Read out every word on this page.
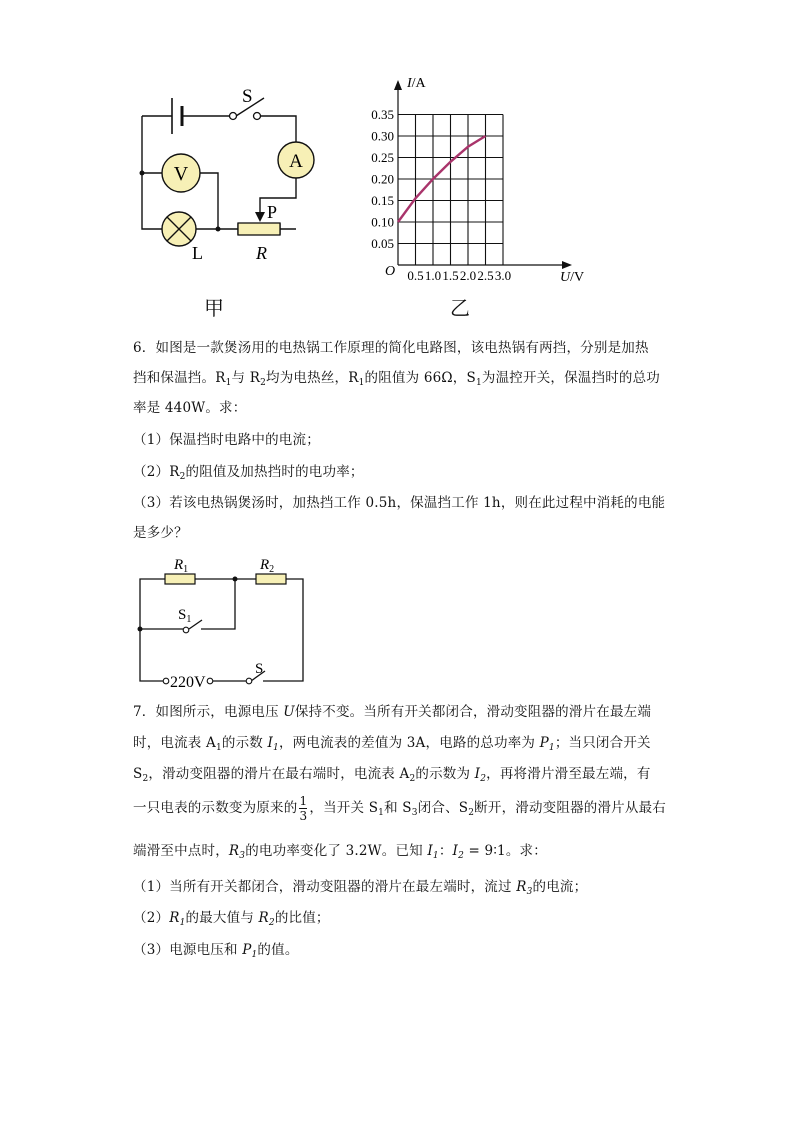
V
A
S
L
P
R
甲
0.5 1.0 1.5 2.0 2.5 3.0
0.05
0.10
0.15
0.20
0.25
0.30
0.35
I/A
U/V
O
乙
6．如图是一款煲汤用的电热锅工作原理的简化电路图，该电热锅有两挡，分别是加热
挡和保温挡。$R_1$与 $R_2$均为电热丝，$R_1$的阻值为 66Ω，$S_1$为温控开关，保温挡时的总功
率是 440W。求：
（1）保温挡时电路中的电流；
$(2)R_2$的阻值及加热挡时的电功率；
（3）若该电热锅煲汤时，加热挡工作 0.5h，保温挡工作 1h，则在此过程中消耗的电能
是多少？
$R_1$	$R_2$
$S_1$
220V
S
7．如图所示，电源电压 U保持不变。当所有开关都闭合，滑动变阻器的滑片在最左端
时，电流表 $A_1$的示数 $I_1$，两电流表的差值为 3A，电路的总功率为 $P_1$；当只闭合开关
$S_2$，滑动变阻器的滑片在最右端时，电流表 $A_2$的示数为 $I_2$，再将滑片滑至最左端，有
一只电表的示数变为原来的 $\frac{1}{3}$ ，当开关 $S_1$和 $S_3$闭合、$S_2$断开，滑动变阻器的滑片从最右
端滑至中点时，$R_3$的电功率变化了 3.2W。已知 $I_1$：$I_2$ = 9∶1。求：
（1）当所有开关都闭合，滑动变阻器的滑片在最左端时，流过 $R_3$的电流；
$(2)R_1$的最大值与 $R_2$的比值；
（3）电源电压和 $P_1$的值。
